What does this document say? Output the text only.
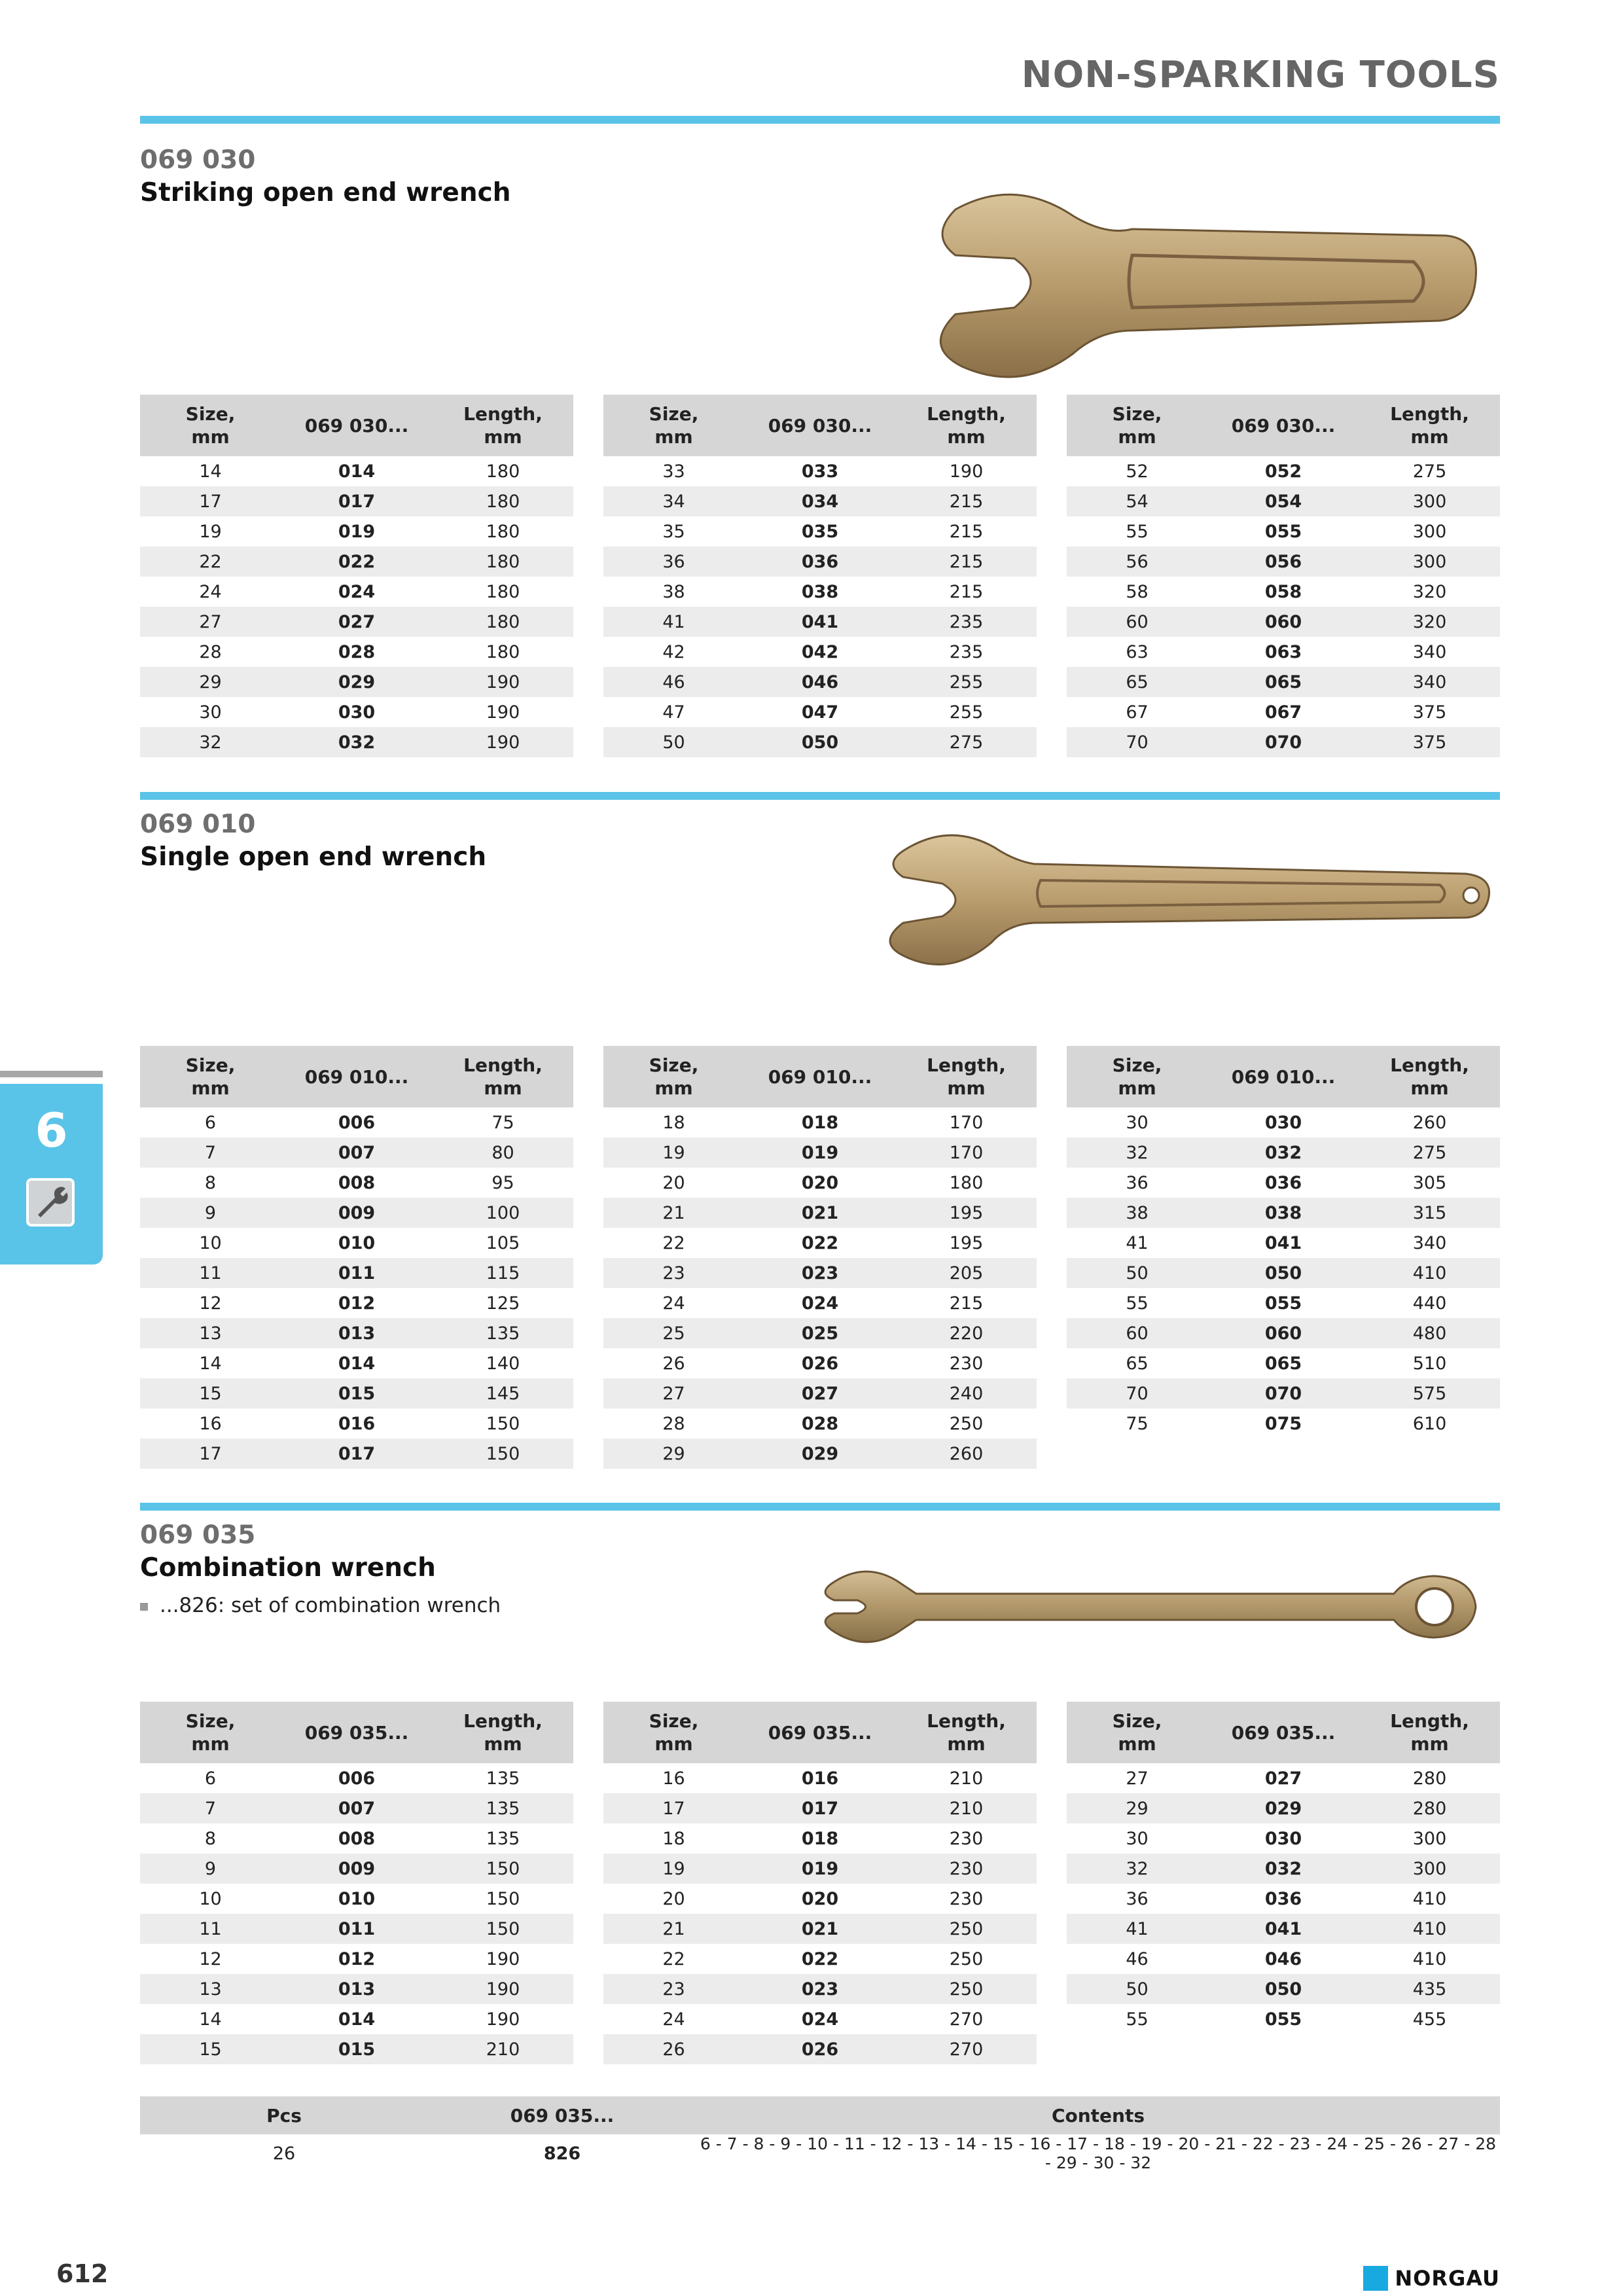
NON-SPARKING TOOLS
069 030
Striking open end wrench
Size,
mm	069 030...	Length,
mm
14	014	180
17	017	180
19	019	180
22	022	180
24	024	180
27	027	180
28	028	180
29	029	190
30	030	190
32	032	190
Size,
mm	069 030...	Length,
mm
33	033	190
34	034	215
35	035	215
36	036	215
38	038	215
41	041	235
42	042	235
46	046	255
47	047	255
50	050	275
Size,
mm	069 030...	Length,
mm
52	052	275
54	054	300
55	055	300
56	056	300
58	058	320
60	060	320
63	063	340
65	065	340
67	067	375
70	070	375
069 010
Single open end wrench
Size,
mm	069 010...	Length,
mm
6	006	75
7	007	80
8	008	95
9	009	100
10	010	105
11	011	115
12	012	125
13	013	135
14	014	140
15	015	145
16	016	150
17	017	150
Size,
mm	069 010...	Length,
mm
18	018	170
19	019	170
20	020	180
21	021	195
22	022	195
23	023	205
24	024	215
25	025	220
26	026	230
27	027	240
28	028	250
29	029	260
Size,
mm	069 010...	Length,
mm
30	030	260
32	032	275
36	036	305
38	038	315
41	041	340
50	050	410
55	055	440
60	060	480
65	065	510
70	070	575
75	075	610
069 035
Combination wrench
...826: set of combination wrench
Size,
mm	069 035...	Length,
mm
6	006	135
7	007	135
8	008	135
9	009	150
10	010	150
11	011	150
12	012	190
13	013	190
14	014	190
15	015	210
Size,
mm	069 035...	Length,
mm
16	016	210
17	017	210
18	018	230
19	019	230
20	020	230
21	021	250
22	022	250
23	023	250
24	024	270
26	026	270
Size,
mm	069 035...	Length,
mm
27	027	280
29	029	280
30	030	300
32	032	300
36	036	410
41	041	410
46	046	410
50	050	435
55	055	455
Pcs	069 035...	Contents
26	826	6 - 7 - 8 - 9 - 10 - 11 - 12 - 13 - 14 - 15 - 16 - 17 - 18 - 19 - 20 - 21 - 22 - 23 - 24 - 25 - 26 - 27 - 28 - 29 - 30 - 32
6
612	NORGAU
